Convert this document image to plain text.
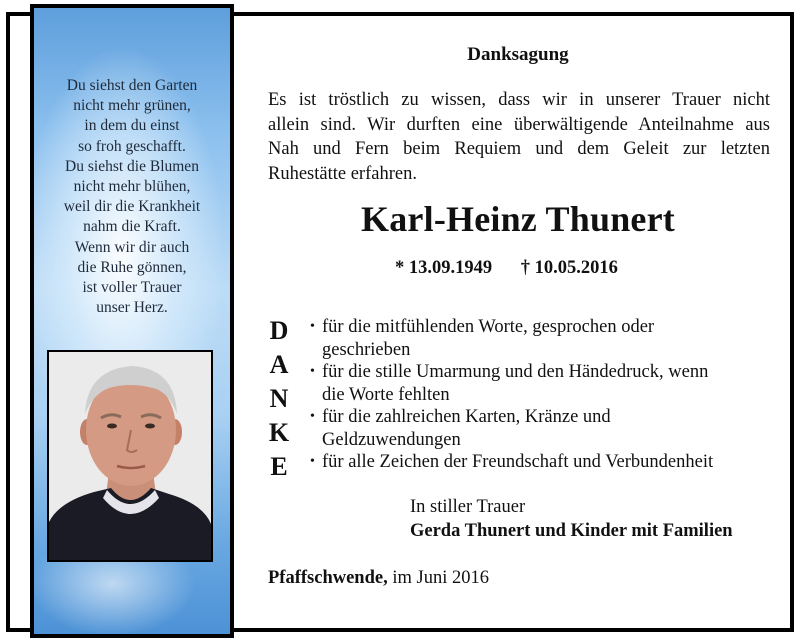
Du siehst den Garten
nicht mehr grünen,
in dem du einst
so froh geschafft.
Du siehst die Blumen
nicht mehr blühen,
weil dir die Krankheit
nahm die Kraft.
Wenn wir dir auch
die Ruhe gönnen,
ist voller Trauer
unser Herz.
Danksagung
Es ist tröstlich zu wissen, dass wir in unserer Trauer nicht
allein sind. Wir durften eine überwältigende Anteilnahme aus
Nah und Fern beim Requiem und dem Geleit zur letzten
Ruhestätte erfahren.
Karl-Heinz Thunert
* 13.09.1949 † 10.05.2016
D
A
N
K
E
• für die mitfühlenden Worte, gesprochen oder
geschrieben
• für die stille Umarmung und den Händedruck, wenn
die Worte fehlten
• für die zahlreichen Karten, Kränze und
Geldzuwendungen
• für alle Zeichen der Freundschaft und Verbundenheit
In stiller Trauer
Gerda Thunert und Kinder mit Familien
Pfaffschwende, im Juni 2016
